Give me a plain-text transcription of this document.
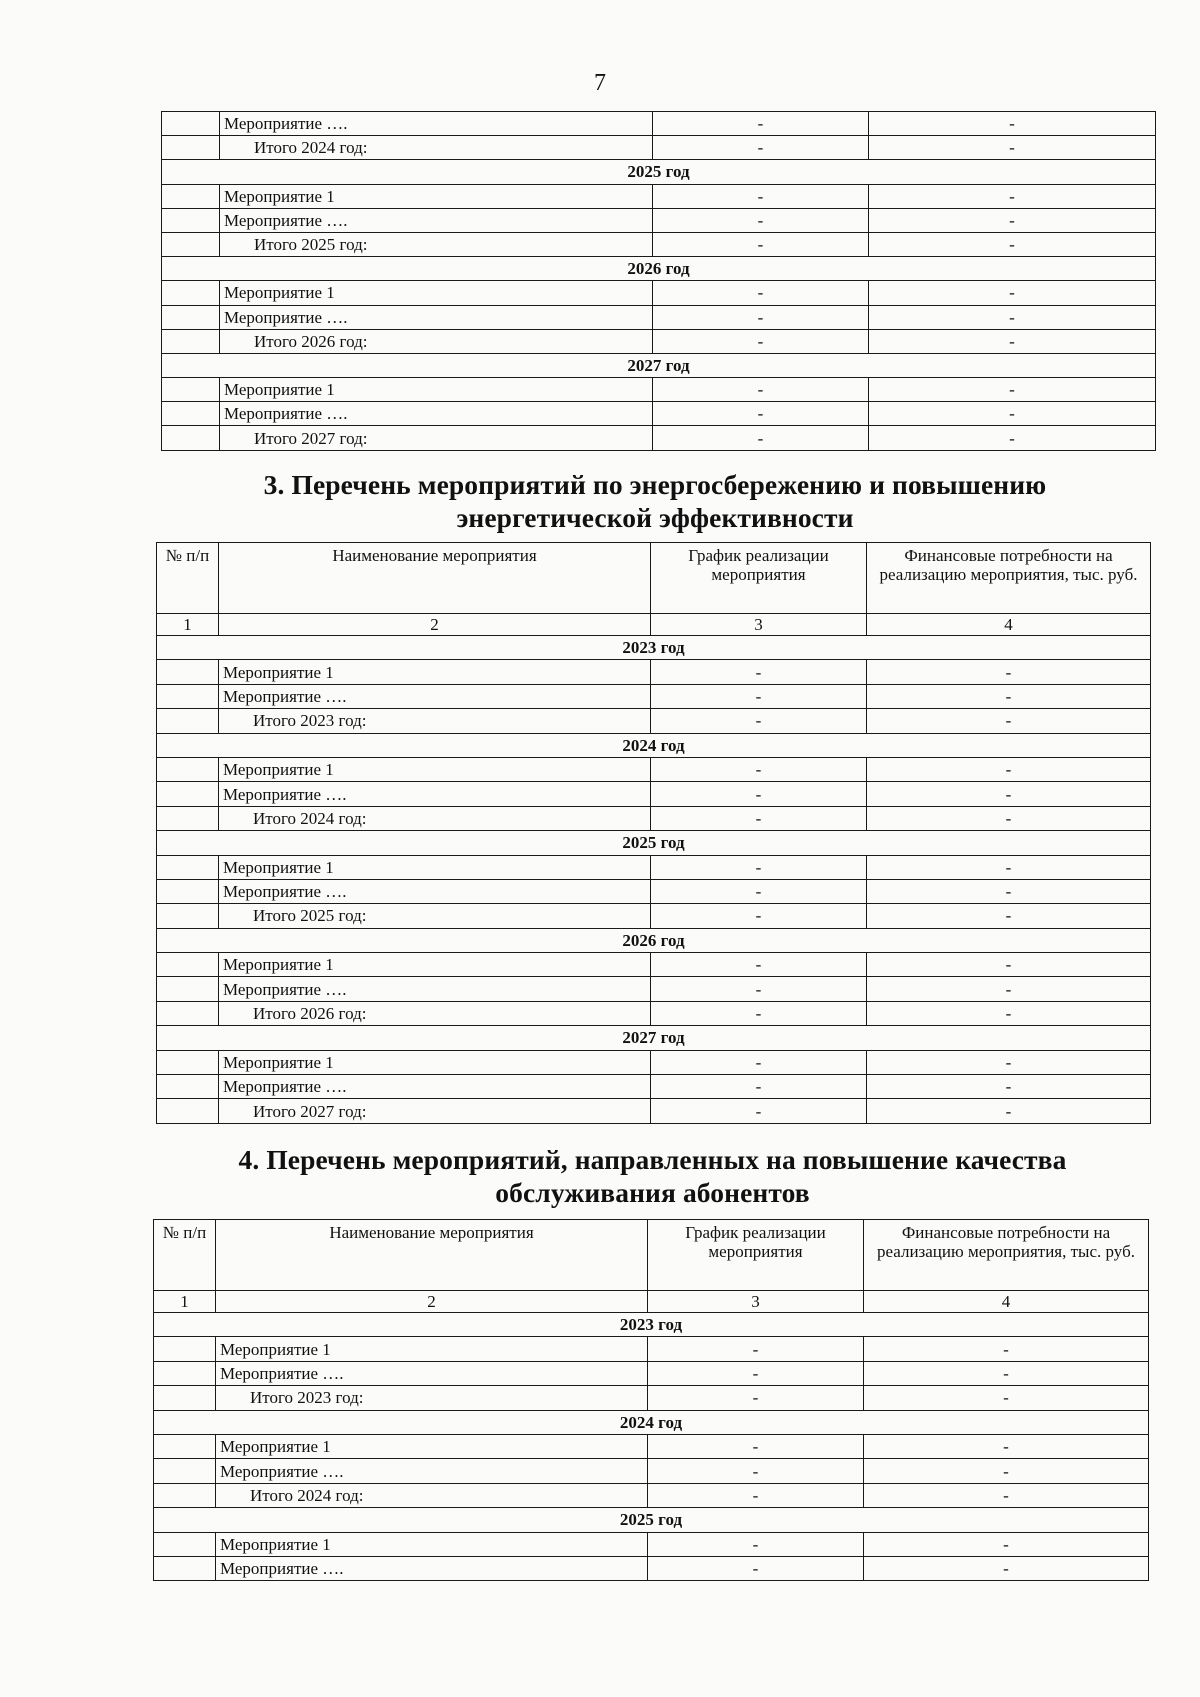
7
	Мероприятие ….	-	-
	Итого 2024 год:	-	-
2025 год			
	Мероприятие 1	-	-
	Мероприятие ….	-	-
	Итого 2025 год:	-	-
2026 год			
	Мероприятие 1	-	-
	Мероприятие ….	-	-
	Итого 2026 год:	-	-
2027 год			
	Мероприятие 1	-	-
	Мероприятие ….	-	-
	Итого 2027 год:	-	-
3. Перечень мероприятий по энергосбережению и повышению
энергетической эффективности
№ п/п	Наименование мероприятия	График реализации мероприятия	Финансовые потребности на реализацию мероприятия, тыс. руб.
1	2	3	4
2023 год			
	Мероприятие 1	-	-
	Мероприятие ….	-	-
	Итого 2023 год:	-	-
2024 год			
	Мероприятие 1	-	-
	Мероприятие ….	-	-
	Итого 2024 год:	-	-
2025 год			
	Мероприятие 1	-	-
	Мероприятие ….	-	-
	Итого 2025 год:	-	-
2026 год			
	Мероприятие 1	-	-
	Мероприятие ….	-	-
	Итого 2026 год:	-	-
2027 год			
	Мероприятие 1	-	-
	Мероприятие ….	-	-
	Итого 2027 год:	-	-
4. Перечень мероприятий, направленных на повышение качества
обслуживания абонентов
№ п/п	Наименование мероприятия	График реализации мероприятия	Финансовые потребности на реализацию мероприятия, тыс. руб.
1	2	3	4
2023 год			
	Мероприятие 1	-	-
	Мероприятие ….	-	-
	Итого 2023 год:	-	-
2024 год			
	Мероприятие 1	-	-
	Мероприятие ….	-	-
	Итого 2024 год:	-	-
2025 год			
	Мероприятие 1	-	-
	Мероприятие ….	-	-
